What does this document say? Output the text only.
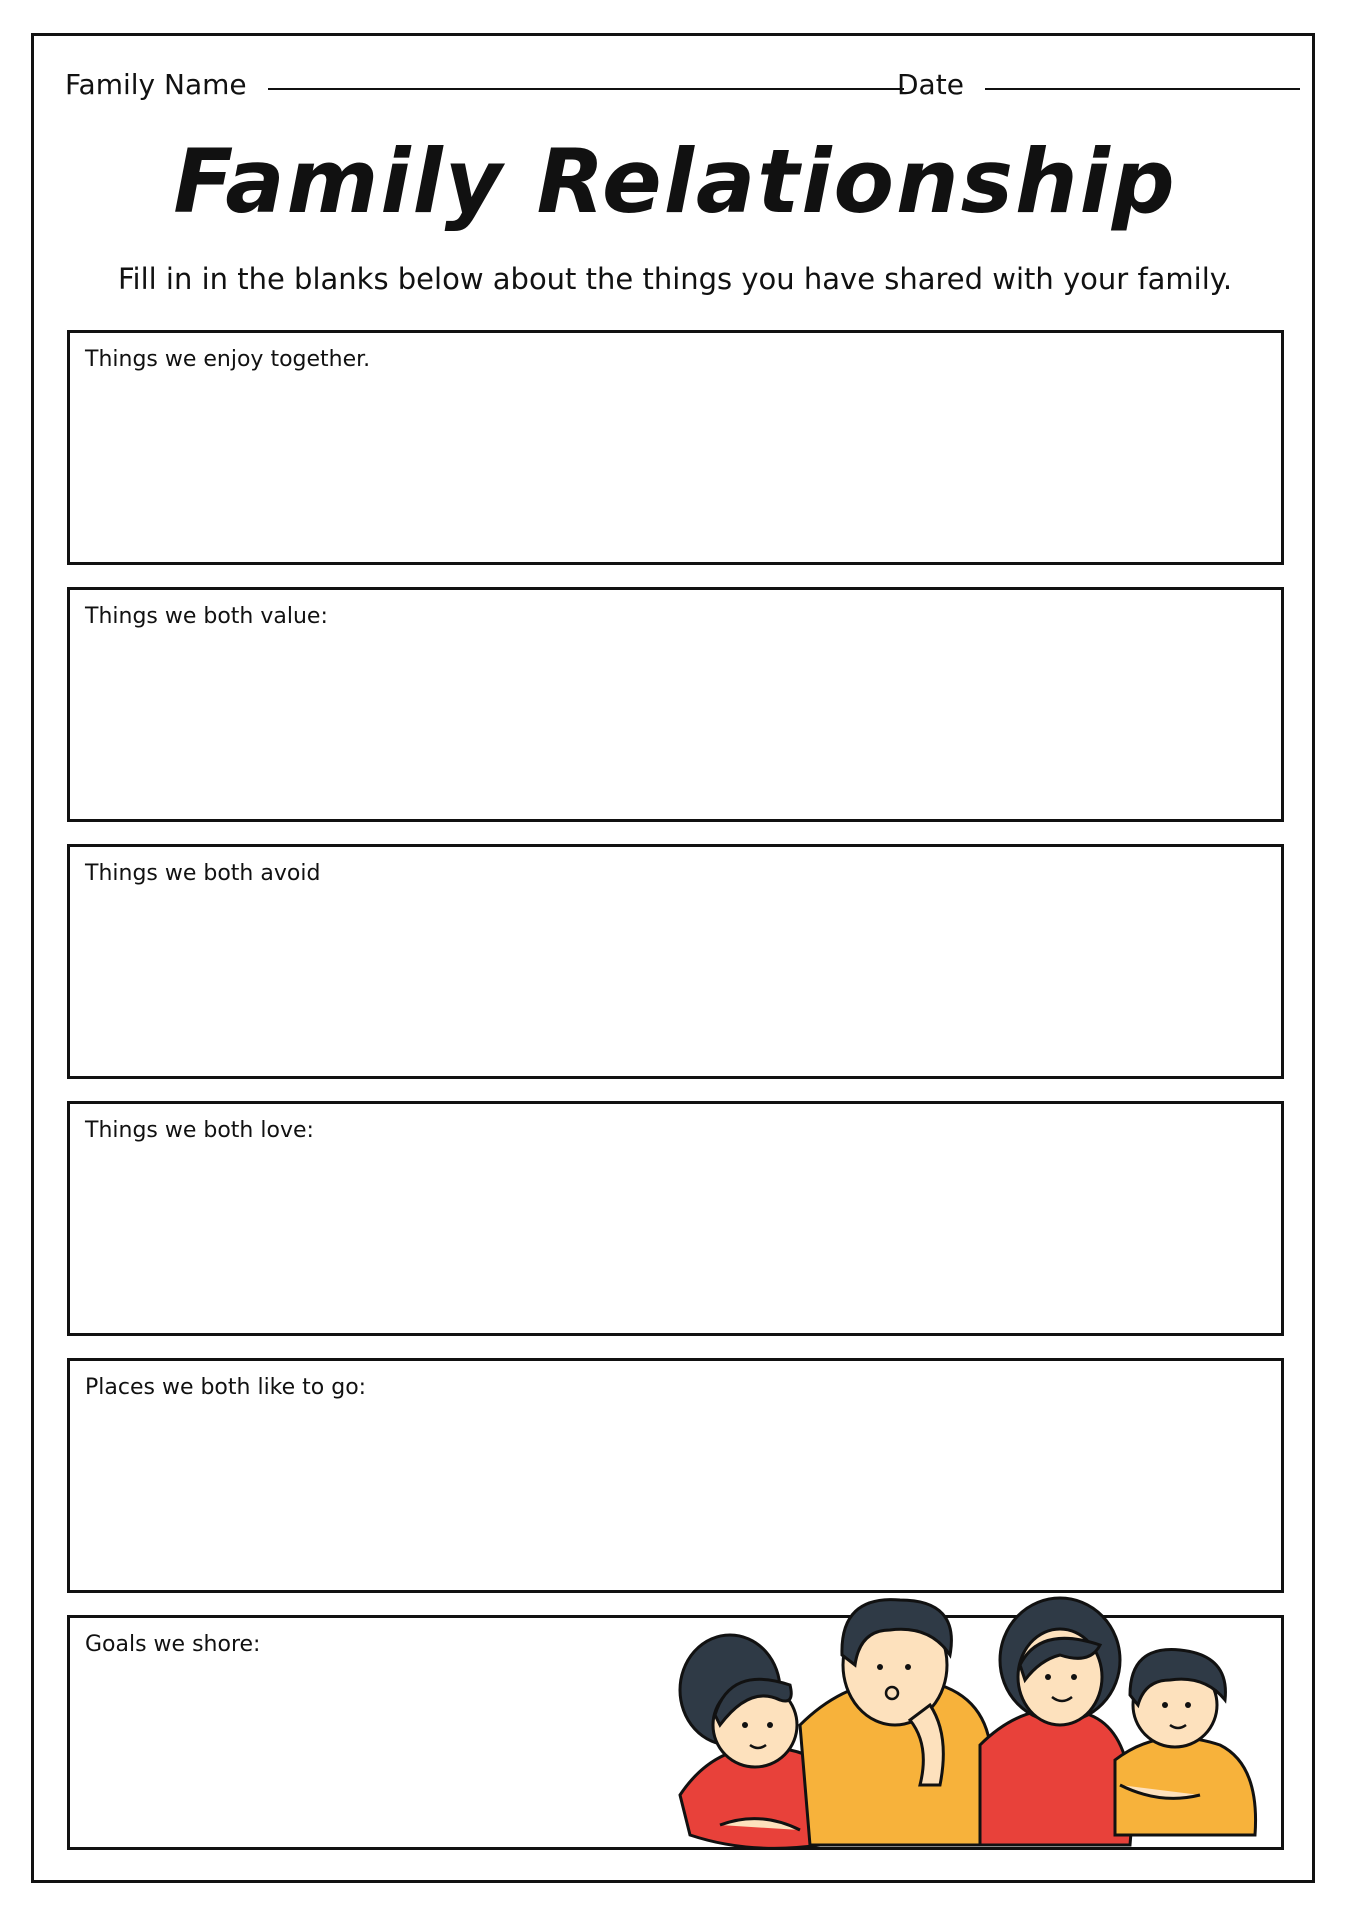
Family Name	Date
Family Relationship
Fill in in the blanks below about the things you have shared with your family.
Things we enjoy together.
Things we both value:
Things we both avoid
Things we both love:
Places we both like to go:
Goals we shore:
